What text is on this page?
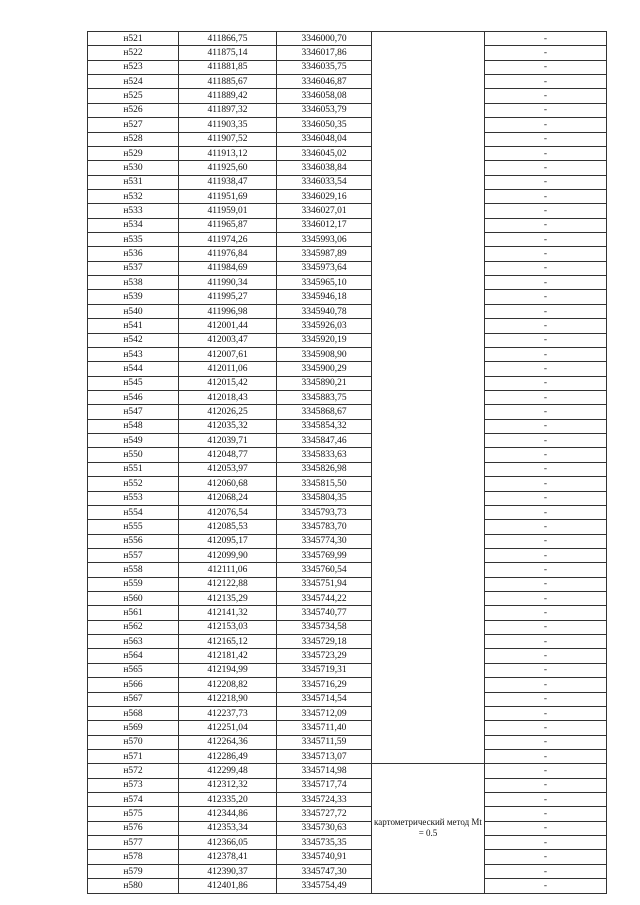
н521	411866,75	3346000,70		-
н522	411875,14	3346017,86		-
н523	411881,85	3346035,75		-
н524	411885,67	3346046,87		-
н525	411889,42	3346058,08		-
н526	411897,32	3346053,79		-
н527	411903,35	3346050,35		-
н528	411907,52	3346048,04		-
н529	411913,12	3346045,02		-
н530	411925,60	3346038,84		-
н531	411938,47	3346033,54		-
н532	411951,69	3346029,16		-
н533	411959,01	3346027,01		-
н534	411965,87	3346012,17		-
н535	411974,26	3345993,06		-
н536	411976,84	3345987,89		-
н537	411984,69	3345973,64		-
н538	411990,34	3345965,10		-
н539	411995,27	3345946,18		-
н540	411996,98	3345940,78		-
н541	412001,44	3345926,03		-
н542	412003,47	3345920,19		-
н543	412007,61	3345908,90		-
н544	412011,06	3345900,29		-
н545	412015,42	3345890,21		-
н546	412018,43	3345883,75		-
н547	412026,25	3345868,67		-
н548	412035,32	3345854,32		-
н549	412039,71	3345847,46		-
н550	412048,77	3345833,63		-
н551	412053,97	3345826,98		-
н552	412060,68	3345815,50		-
н553	412068,24	3345804,35		-
н554	412076,54	3345793,73		-
н555	412085,53	3345783,70		-
н556	412095,17	3345774,30		-
н557	412099,90	3345769,99		-
н558	412111,06	3345760,54		-
н559	412122,88	3345751,94		-
н560	412135,29	3345744,22		-
н561	412141,32	3345740,77		-
н562	412153,03	3345734,58		-
н563	412165,12	3345729,18		-
н564	412181,42	3345723,29		-
н565	412194,99	3345719,31		-
н566	412208,82	3345716,29		-
н567	412218,90	3345714,54		-
н568	412237,73	3345712,09		-
н569	412251,04	3345711,40		-
н570	412264,36	3345711,59		-
н571	412286,49	3345713,07		-
н572	412299,48	3345714,98	картометрический метод Mt = 0.5	-
н573	412312,32	3345717,74		-
н574	412335,20	3345724,33		-
н575	412344,86	3345727,72		-
н576	412353,34	3345730,63		-
н577	412366,05	3345735,35		-
н578	412378,41	3345740,91		-
н579	412390,37	3345747,30		-
н580	412401,86	3345754,49		-
